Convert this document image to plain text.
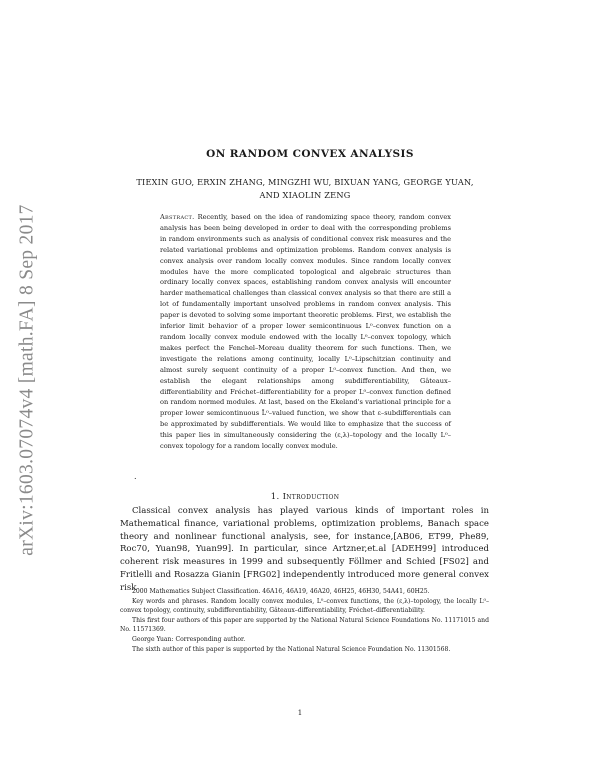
arXiv:1603.07074v4 [math.FA] 8 Sep 2017
ON RANDOM CONVEX ANALYSIS
TIEXIN GUO, ERXIN ZHANG, MINGZHI WU, BIXUAN YANG, GEORGE YUAN,
AND XIAOLIN ZENG
Abstract. Recently, based on the idea of randomizing space theory, random convex analysis has been being developed in order to deal with the corresponding problems in random environments such as analysis of conditional convex risk measures and the related variational problems and optimization problems. Random convex analysis is convex analysis over random locally convex modules. Since random locally convex modules have the more complicated topological and algebraic structures than ordinary locally convex spaces, establishing random convex analysis will encounter harder mathematical challenges than classical convex analysis so that there are still a lot of fundamentally important unsolved problems in random convex analysis. This paper is devoted to solving some important theoretic problems. First, we establish the inferior limit behavior of a proper lower semicontinuous L⁰–convex function on a random locally convex module endowed with the locally L⁰–convex topology, which makes perfect the Fenchel–Moreau duality theorem for such functions. Then, we investigate the relations among continuity, locally L⁰–Lipschitzian continuity and almost surely sequent continuity of a proper L⁰–convex function. And then, we establish the elegant relationships among subdifferentiability, Gâteaux–differentiability and Fréchet–differentiability for a proper L⁰–convex function defined on random normed modules. At last, based on the Ekeland's variational principle for a proper lower semicontinuous L̄⁰–valued function, we show that ε–subdifferentials can be approximated by subdifferentials. We would like to emphasize that the success of this paper lies in simultaneously considering the (ε,λ)–topology and the locally L⁰–convex topology for a random locally convex module.
.
1. Introduction

Classical convex analysis has played various kinds of important roles in Mathematical finance, variational problems, optimization problems, Banach space theory and nonlinear functional analysis, see, for instance,[AB06, ET99, Phe89, Roc70, Yuan98, Yuan99]. In particular, since Artzner,et.al [ADEH99] introduced coherent risk measures in 1999 and subsequently Föllmer and Schied [FS02] and Fritlelli and Rosazza Gianin [FRG02] independently introduced more general convex risk

2000 Mathematics Subject Classification. 46A16, 46A19, 46A20, 46H25, 46H30, 54A41, 60H25.

Key words and phrases. Random locally convex modules, L⁰–convex functions, the (ε,λ)–topology, the locally L⁰–convex topology, continuity, subdifferentiability, Gâteaux–differentiability, Fréchet–differentiability.

This first four authors of this paper are supported by the National Natural Science Foundations No. 11171015 and No. 11571369.

George Yuan: Corresponding author.

The sixth author of this paper is supported by the National Natural Science Foundation No. 11301568.

1
